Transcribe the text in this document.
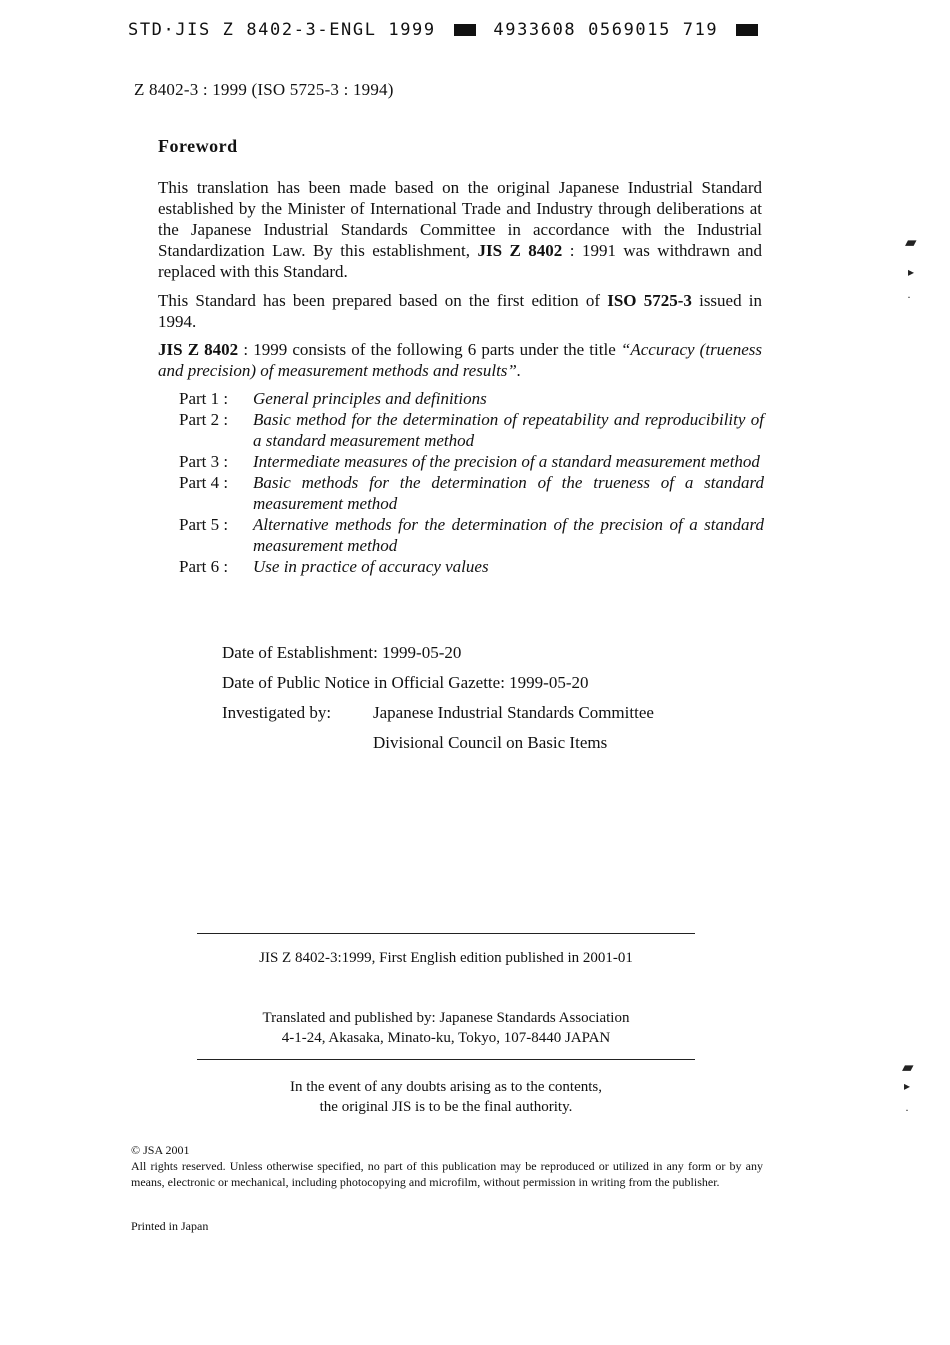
STD·JIS Z 8402-3-ENGL 1999	4933608 0569015 719
Z 8402-3 : 1999 (ISO 5725-3 : 1994)
Foreword

This translation has been made based on the original Japanese Industrial Standard established by the Minister of International Trade and Industry through deliberations at the Japanese Industrial Standards Committee in accordance with the Industrial Standardization Law. By this establishment, JIS Z 8402 : 1991 was withdrawn and replaced with this Standard.

This Standard has been prepared based on the first edition of ISO 5725-3 issued in 1994.

JIS Z 8402 : 1999 consists of the following 6 parts under the title “Accuracy (trueness and precision) of measurement methods and results”.

Part 1 :	General principles and definitions
Part 2 :	Basic method for the determination of repeatability and reproducibility of a standard measurement method
Part 3 :	Intermediate measures of the precision of a standard measurement method
Part 4 :	Basic methods for the determination of the trueness of a standard measurement method
Part 5 :	Alternative methods for the determination of the precision of a standard measurement method
Part 6 :	Use in practice of accuracy values
Date of Establishment: 1999-05-20
Date of Public Notice in Official Gazette: 1999-05-20
Investigated by: Japanese Industrial Standards Committee
Divisional Council on Basic Items
JIS Z 8402-3:1999, First English edition published in 2001-01
Translated and published by: Japanese Standards Association
4-1-24, Akasaka, Minato-ku, Tokyo, 107-8440 JAPAN
In the event of any doubts arising as to the contents,
the original JIS is to be the final authority.

© JSA 2001

All rights reserved. Unless otherwise specified, no part of this publication may be reproduced or utilized in any form or by any means, electronic or mechanical, including photocopying and microfilm, without permission in writing from the publisher.

Printed in Japan
▰
▸
·
▰
▸
·
